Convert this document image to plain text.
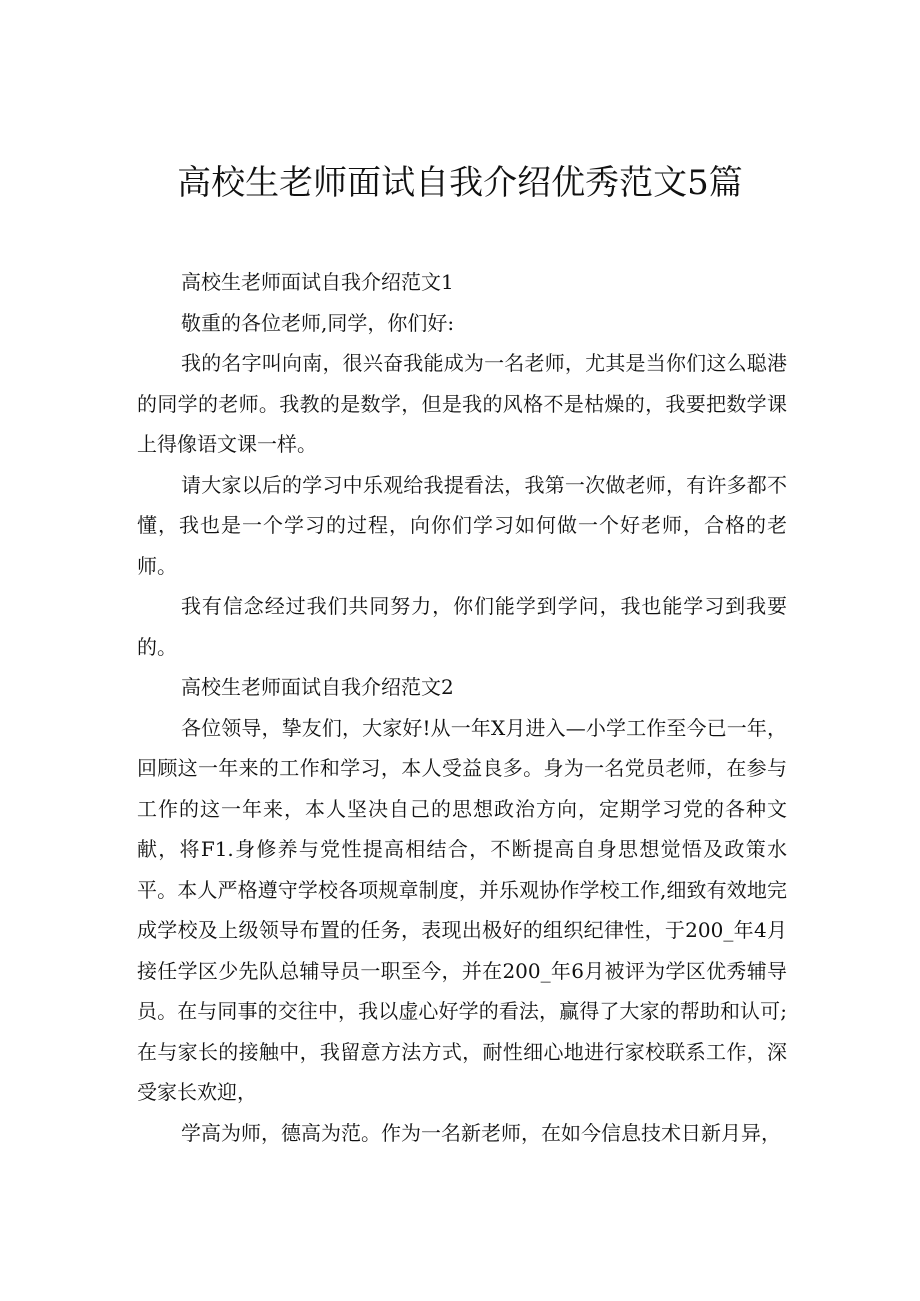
高校生老师面试自我介绍优秀范文5篇

高校生老师面试自我介绍范文1

敬重的各位老师,同学，你们好:

我的名字叫向南，很兴奋我能成为一名老师，尤其是当你们这么聪港的同学的老师。我教的是数学，但是我的风格不是枯燥的，我要把数学课上得像语文课一样。

请大家以后的学习中乐观给我提看法，我第一次做老师，有许多都不懂，我也是一个学习的过程，向你们学习如何做一个好老师，合格的老师。

我有信念经过我们共同努力，你们能学到学问，我也能学习到我要的。

高校生老师面试自我介绍范文2

各位领导，挚友们，大家好!从一年X月进入—小学工作至今已一年，回顾这一年来的工作和学习，本人受益良多。身为一名党员老师，在参与工作的这一年来，本人坚决自己的思想政治方向，定期学习党的各种文献，将F1.身修养与党性提高相结合，不断提高自身思想觉悟及政策水平。本人严格遵守学校各项规章制度，并乐观协作学校工作,细致有效地完成学校及上级领导布置的任务，表现出极好的组织纪律性，于200_年4月接任学区少先队总辅导员一职至今，并在200_年6月被评为学区优秀辅导员。在与同事的交往中，我以虚心好学的看法，赢得了大家的帮助和认可;在与家长的接触中，我留意方法方式，耐性细心地进行家校联系工作，深受家长欢迎，

学高为师，德高为范。作为一名新老师，在如今信息技术日新月异，
